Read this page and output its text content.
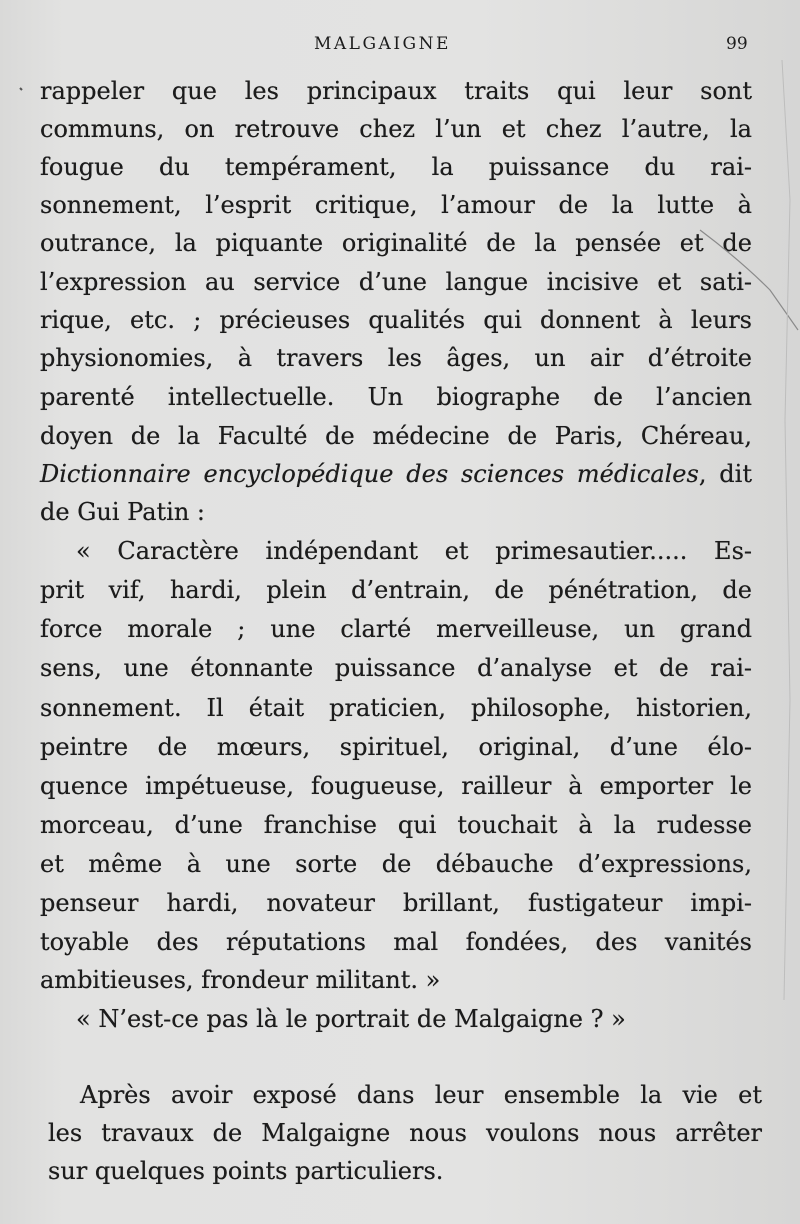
MALGAIGNE	99
rappeler que les principaux traits qui leur sont
communs, on retrouve chez l’un et chez l’autre, la
fougue du tempérament, la puissance du rai-
sonnement, l’esprit critique, l’amour de la lutte à
outrance, la piquante originalité de la pensée et de
l’expression au service d’une langue incisive et sati-
rique, etc. ; précieuses qualités qui donnent à leurs
physionomies, à travers les âges, un air d’étroite
parenté intellectuelle. Un biographe de l’ancien
doyen de la Faculté de médecine de Paris, Chéreau,
Dictionnaire encyclopédique des sciences médicales, dit
de Gui Patin :
« Caractère indépendant et primesautier..... Es-
prit vif, hardi, plein d’entrain, de pénétration, de
force morale ; une clarté merveilleuse, un grand
sens, une étonnante puissance d’analyse et de rai-
sonnement. Il était praticien, philosophe, historien,
peintre de mœurs, spirituel, original, d’une élo-
quence impétueuse, fougueuse, railleur à emporter le
morceau, d’une franchise qui touchait à la rudesse
et même à une sorte de débauche d’expressions,
penseur hardi, novateur brillant, fustigateur impi-
toyable des réputations mal fondées, des vanités
ambitieuses, frondeur militant. »
« N’est-ce pas là le portrait de Malgaigne ? »
Après avoir exposé dans leur ensemble la vie et
les travaux de Malgaigne nous voulons nous arrêter
sur quelques points particuliers.
